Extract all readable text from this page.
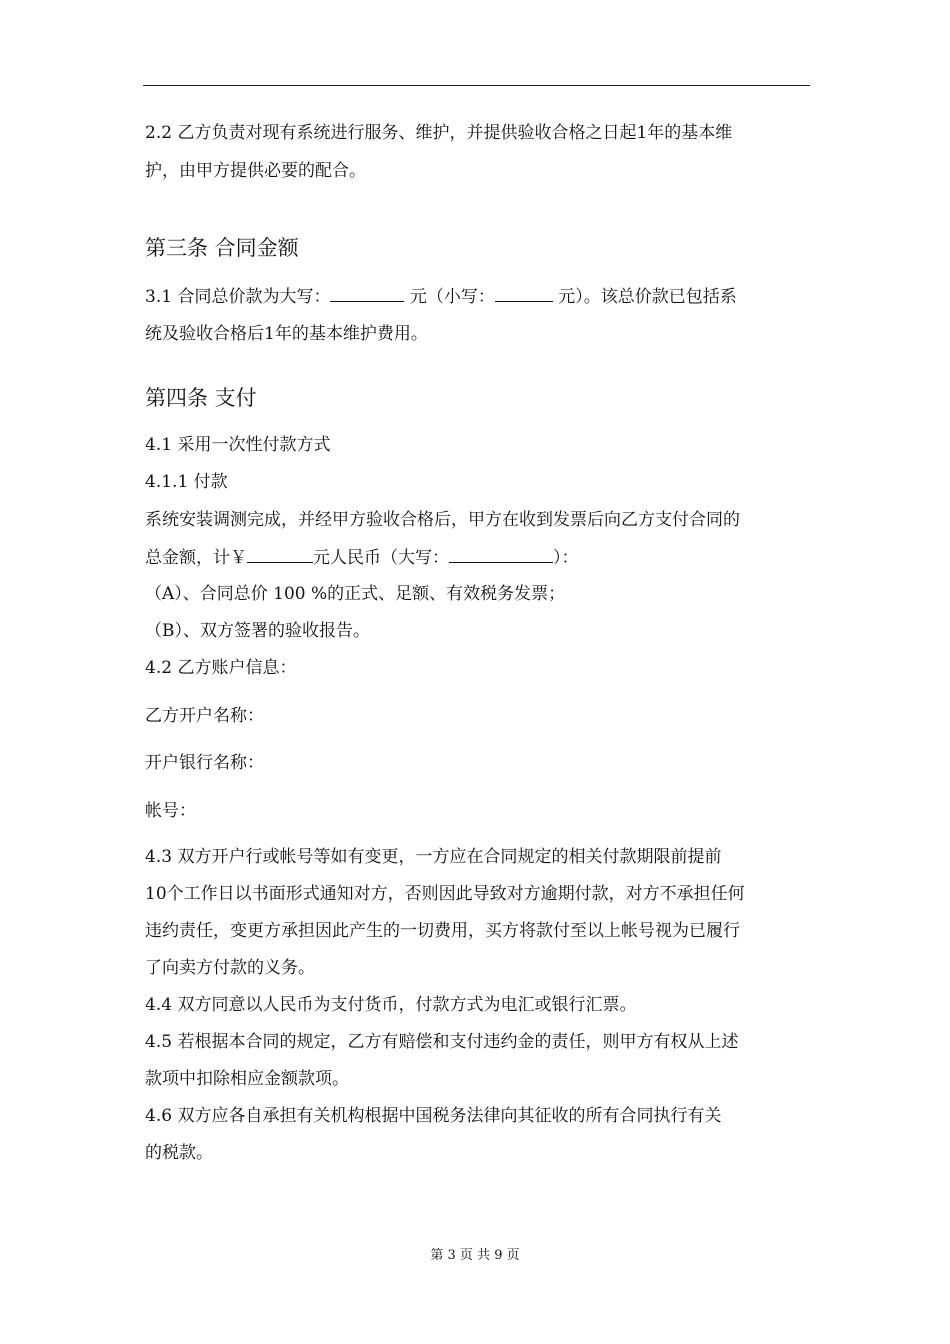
2.2 乙方负责对现有系统进行服务、维护，并提供验收合格之日起1年的基本维
护，由甲方提供必要的配合。
第三条 合同金额
3.1 合同总价款为大写：	元（小写：	元）。该总价款已包括系
统及验收合格后1年的基本维护费用。
第四条 支付
4.1 采用一次性付款方式
4.1.1 付款
系统安装调测完成，并经甲方验收合格后，甲方在收到发票后向乙方支付合同的
总金额，计￥	元人民币（大写：	）：
（A）、合同总价 100 %的正式、足额、有效税务发票；
（B）、双方签署的验收报告。
4.2 乙方账户信息：
乙方开户名称：
开户银行名称：
帐号：
4.3 双方开户行或帐号等如有变更，一方应在合同规定的相关付款期限前提前
10个工作日以书面形式通知对方，否则因此导致对方逾期付款，对方不承担任何
违约责任，变更方承担因此产生的一切费用，买方将款付至以上帐号视为已履行
了向卖方付款的义务。
4.4 双方同意以人民币为支付货币，付款方式为电汇或银行汇票。
4.5 若根据本合同的规定，乙方有赔偿和支付违约金的责任，则甲方有权从上述
款项中扣除相应金额款项。
4.6 双方应各自承担有关机构根据中国税务法律向其征收的所有合同执行有关
的税款。
第 3 页 共 9 页
